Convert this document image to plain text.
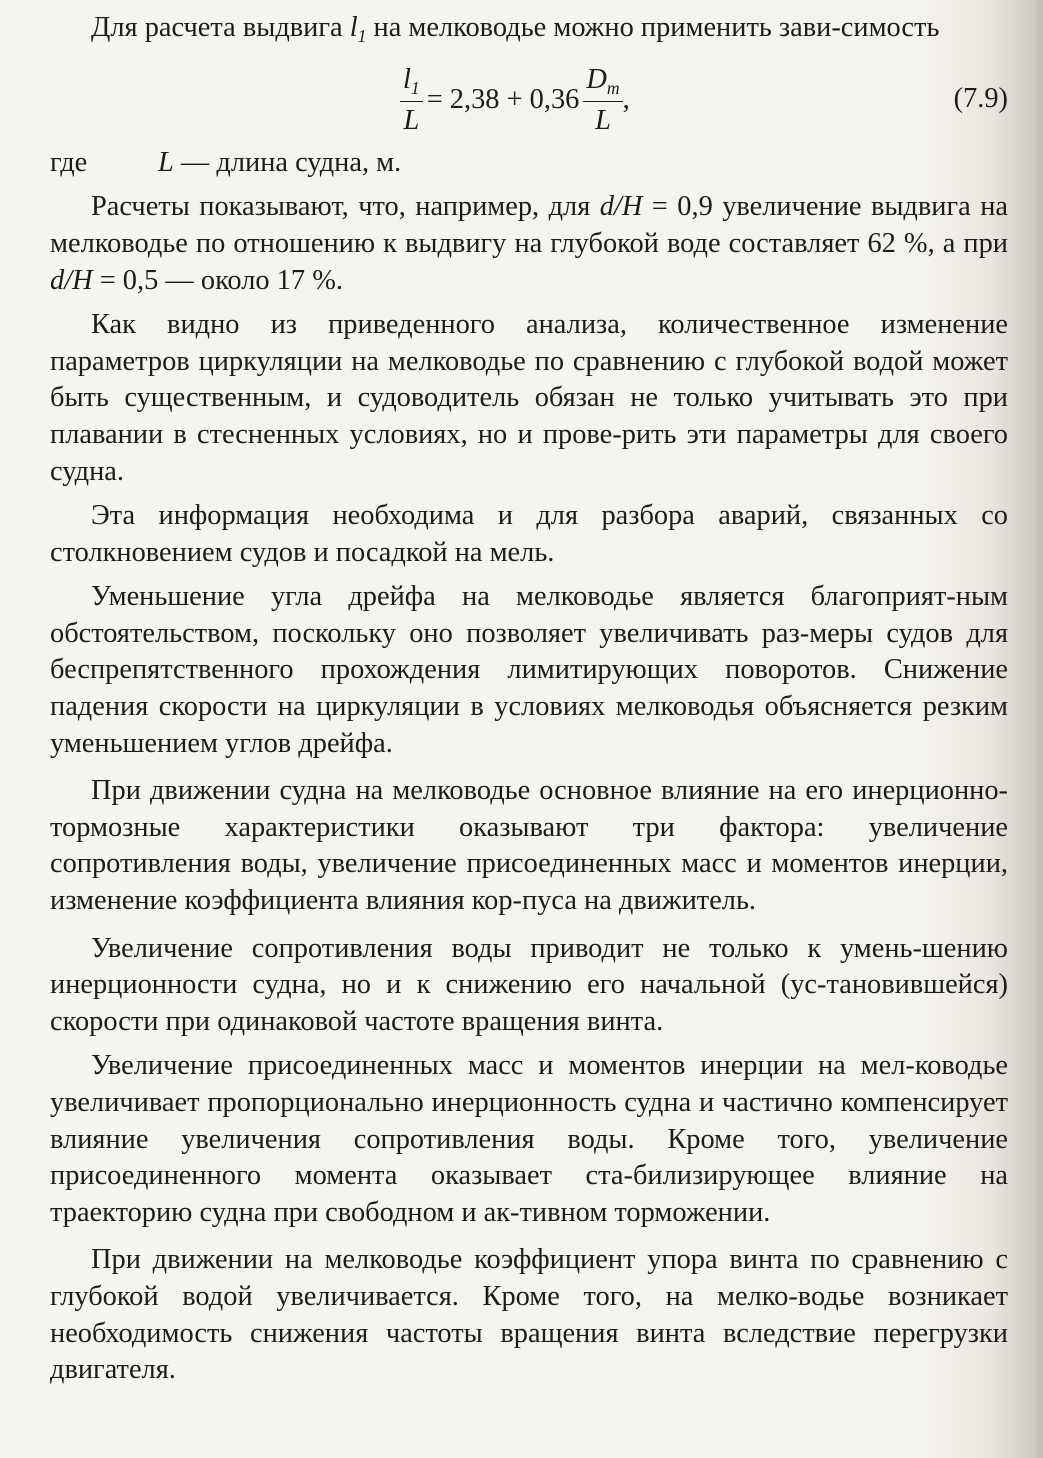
Для расчета выдвига $l_1$ на мелководье можно применить зави-симость

$\frac{l_1}{L} = 2,38 + 0,36 \frac{D_т}{L}$ ,	(7.9)
где	L — длина судна, м.

Расчеты показывают, что, например, для d/H = 0,9 увеличение выдвига на мелководье по отношению к выдвигу на глубокой воде составляет 62 %, а при d/H = 0,5 — около 17 %.

Как видно из приведенного анализа, количественное изменение параметров циркуляции на мелководье по сравнению с глубокой водой может быть существенным, и судоводитель обязан не только учитывать это при плавании в стесненных условиях, но и прове-рить эти параметры для своего судна.

Эта информация необходима и для разбора аварий, связанных со столкновением судов и посадкой на мель.

Уменьшение угла дрейфа на мелководье является благоприят-ным обстоятельством, поскольку оно позволяет увеличивать раз-меры судов для беспрепятственного прохождения лимитирующих поворотов. Снижение падения скорости на циркуляции в условиях мелководья объясняется резким уменьшением углов дрейфа.

При движении судна на мелководье основное влияние на его инерционно-тормозные характеристики оказывают три фактора: увеличение сопротивления воды, увеличение присоединенных масс и моментов инерции, изменение коэффициента влияния кор-пуса на движитель.

Увеличение сопротивления воды приводит не только к умень-шению инерционности судна, но и к снижению его начальной (ус-тановившейся) скорости при одинаковой частоте вращения винта.

Увеличение присоединенных масс и моментов инерции на мел-ководье увеличивает пропорционально инерционность судна и частично компенсирует влияние увеличения сопротивления воды. Кроме того, увеличение присоединенного момента оказывает ста-билизирующее влияние на траекторию судна при свободном и ак-тивном торможении.

При движении на мелководье коэффициент упора винта по сравнению с глубокой водой увеличивается. Кроме того, на мелко-водье возникает необходимость снижения частоты вращения винта вследствие перегрузки двигателя.
